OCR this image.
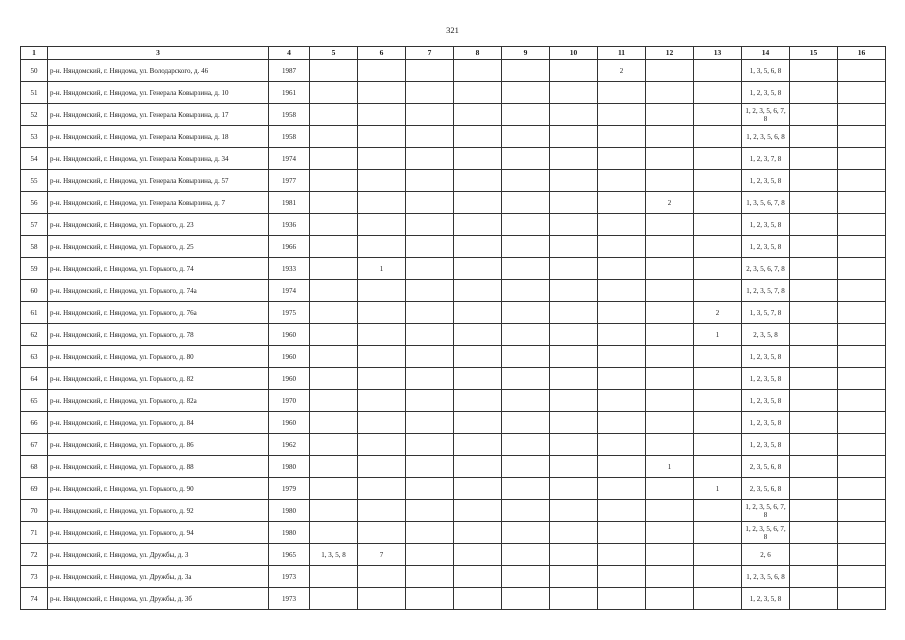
321
1	3	4	5	6	7	8	9	10	11	12	13	14	15	16
50	р-н. Няндомский, г. Няндома, ул. Володарского, д. 46	1987							2			1, 3, 5, 6, 8		
51	р-н. Няндомский, г. Няндома, ул. Генерала Ковырзина, д. 10	1961										1, 2, 3, 5, 8		
52	р-н. Няндомский, г. Няндома, ул. Генерала Ковырзина, д. 17	1958										1, 2, 3, 5, 6, 7, 8		
53	р-н. Няндомский, г. Няндома, ул. Генерала Ковырзина, д. 18	1958										1, 2, 3, 5, 6, 8		
54	р-н. Няндомский, г. Няндома, ул. Генерала Ковырзина, д. 34	1974										1, 2, 3, 7, 8		
55	р-н. Няндомский, г. Няндома, ул. Генерала Ковырзина, д. 57	1977										1, 2, 3, 5, 8		
56	р-н. Няндомский, г. Няндома, ул. Генерала Ковырзина, д. 7	1981								2		1, 3, 5, 6, 7, 8		
57	р-н. Няндомский, г. Няндома, ул. Горького, д. 23	1936										1, 2, 3, 5, 8		
58	р-н. Няндомский, г. Няндома, ул. Горького, д. 25	1966										1, 2, 3, 5, 8		
59	р-н. Няндомский, г. Няндома, ул. Горького, д. 74	1933		1								2, 3, 5, 6, 7, 8		
60	р-н. Няндомский, г. Няндома, ул. Горького, д. 74а	1974										1, 2, 3, 5, 7, 8		
61	р-н. Няндомский, г. Няндома, ул. Горького, д. 76а	1975									2	1, 3, 5, 7, 8		
62	р-н. Няндомский, г. Няндома, ул. Горького, д. 78	1960									1	2, 3, 5, 8		
63	р-н. Няндомский, г. Няндома, ул. Горького, д. 80	1960										1, 2, 3, 5, 8		
64	р-н. Няндомский, г. Няндома, ул. Горького, д. 82	1960										1, 2, 3, 5, 8		
65	р-н. Няндомский, г. Няндома, ул. Горького, д. 82а	1970										1, 2, 3, 5, 8		
66	р-н. Няндомский, г. Няндома, ул. Горького, д. 84	1960										1, 2, 3, 5, 8		
67	р-н. Няндомский, г. Няндома, ул. Горького, д. 86	1962										1, 2, 3, 5, 8		
68	р-н. Няндомский, г. Няндома, ул. Горького, д. 88	1980								1		2, 3, 5, 6, 8		
69	р-н. Няндомский, г. Няндома, ул. Горького, д. 90	1979									1	2, 3, 5, 6, 8		
70	р-н. Няндомский, г. Няндома, ул. Горького, д. 92	1980										1, 2, 3, 5, 6, 7, 8		
71	р-н. Няндомский, г. Няндома, ул. Горького, д. 94	1980										1, 2, 3, 5, 6, 7, 8		
72	р-н. Няндомский, г. Няндома, ул. Дружбы, д. 3	1965	1, 3, 5, 8	7								2, 6		
73	р-н. Няндомский, г. Няндома, ул. Дружбы, д. 3а	1973										1, 2, 3, 5, 6, 8		
74	р-н. Няндомский, г. Няндома, ул. Дружбы, д. 3б	1973										1, 2, 3, 5, 8		
